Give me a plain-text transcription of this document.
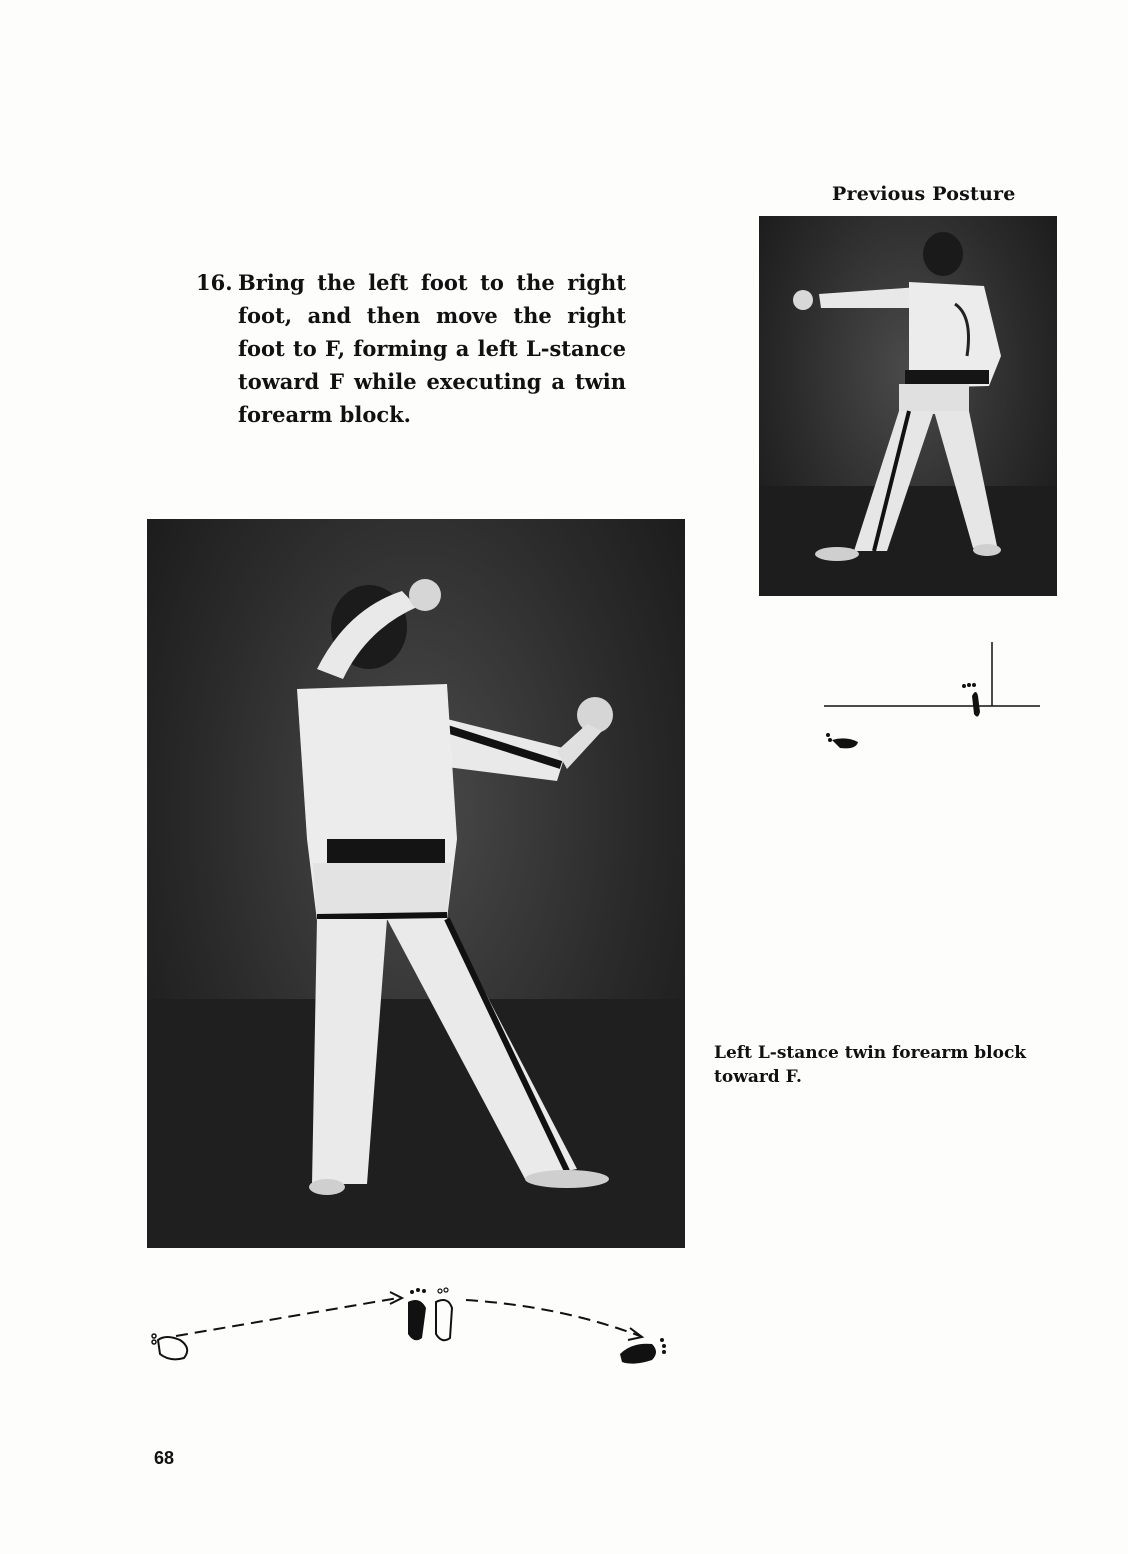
Previous Posture
16. Bring the left foot to the right foot, and then move the right foot to F, forming a left L-stance toward F while executing a twin forearm block.
Left L-stance twin forearm block
toward F.
68
